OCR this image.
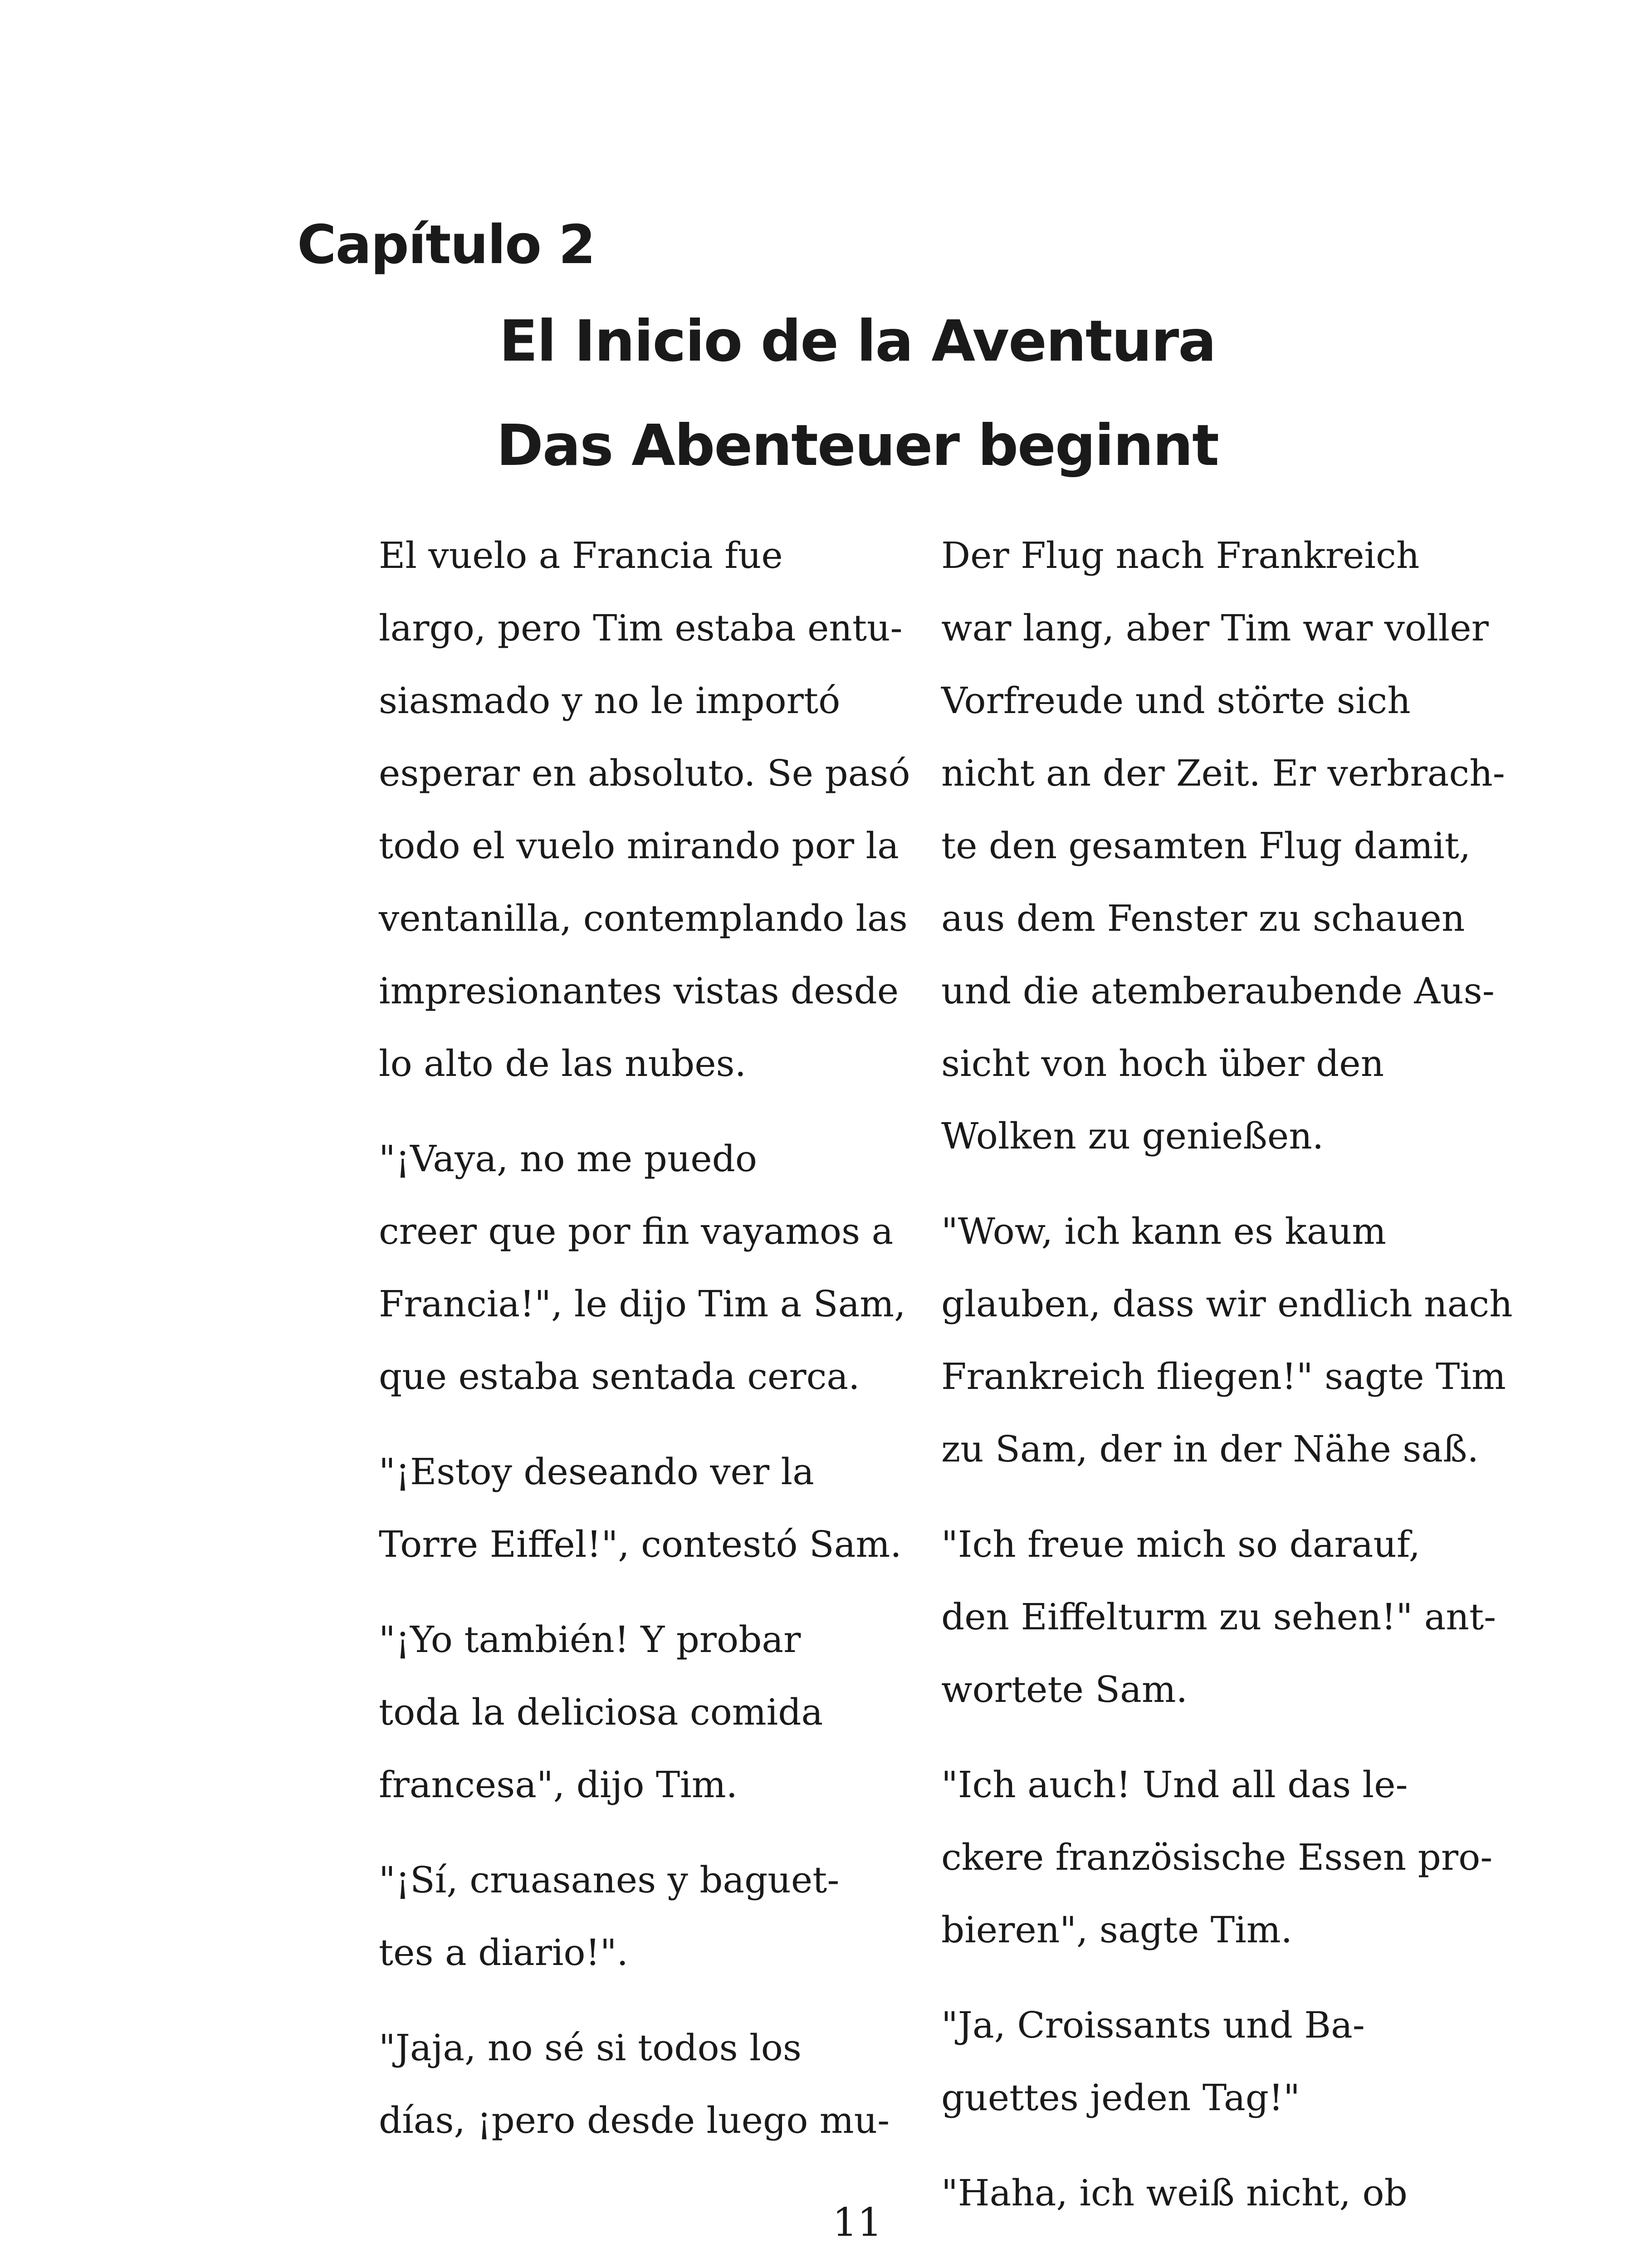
Capítulo 2
El Inicio de la Aventura
Das Abenteuer beginnt

El vuelo a Francia fue
largo, pero Tim estaba entu-
siasmado y no le importó
esperar en absoluto. Se pasó
todo el vuelo mirando por la
ventanilla, contemplando las
impresionantes vistas desde
lo alto de las nubes.

"¡Vaya, no me puedo
creer que por fin vayamos a
Francia!", le dijo Tim a Sam,
que estaba sentada cerca.

"¡Estoy deseando ver la
Torre Eiffel!", contestó Sam.

"¡Yo también! Y probar
toda la deliciosa comida
francesa", dijo Tim.

"¡Sí, cruasanes y baguet-
tes a diario!".

"Jaja, no sé si todos los
días, ¡pero desde luego mu-

Der Flug nach Frankreich
war lang, aber Tim war voller
Vorfreude und störte sich
nicht an der Zeit. Er verbrach-
te den gesamten Flug damit,
aus dem Fenster zu schauen
und die atemberaubende Aus-
sicht von hoch über den
Wolken zu genießen.

"Wow, ich kann es kaum
glauben, dass wir endlich nach
Frankreich fliegen!" sagte Tim
zu Sam, der in der Nähe saß.

"Ich freue mich so darauf,
den Eiffelturm zu sehen!" ant-
wortete Sam.

"Ich auch! Und all das le-
ckere französische Essen pro-
bieren", sagte Tim.

"Ja, Croissants und Ba-
guettes jeden Tag!"

"Haha, ich weiß nicht, ob

11
